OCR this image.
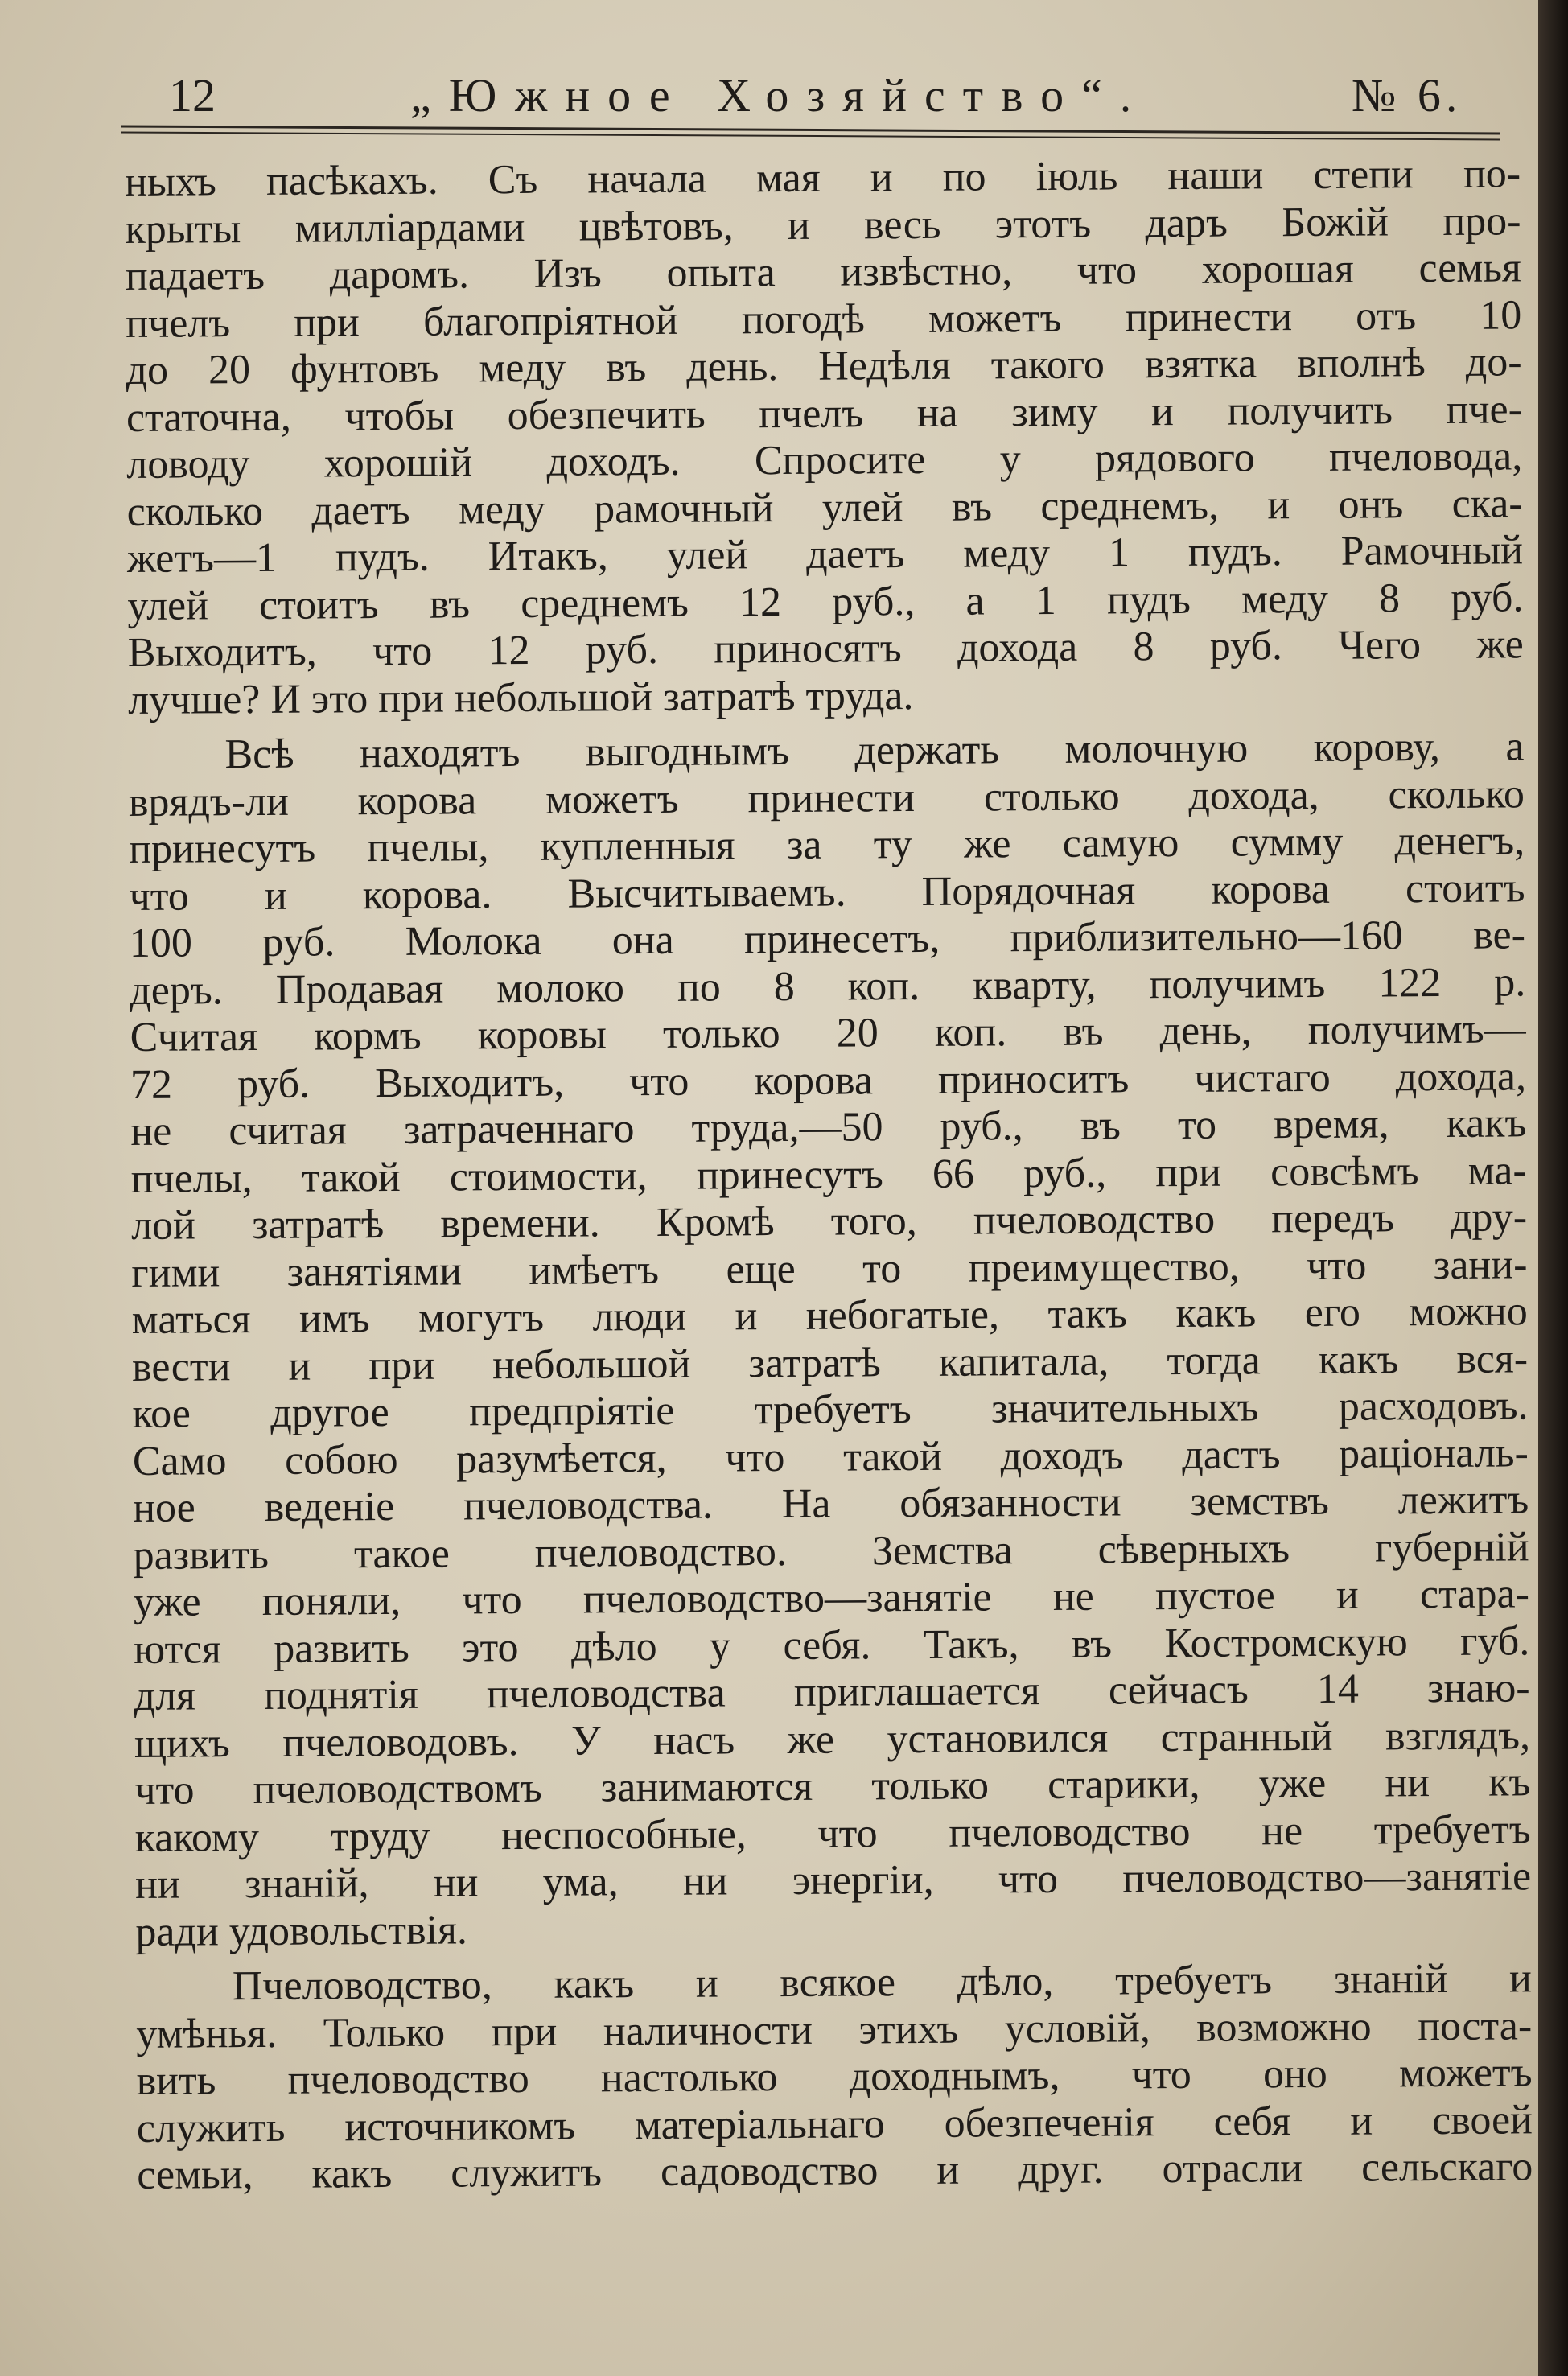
12	„Южное Хозяйство“.	№ 6.
ныхъ пасѣкахъ. Съ начала мая и по іюль наши степи по-
крыты милліардами цвѣтовъ, и весь этотъ даръ Божій про-
падаетъ даромъ. Изъ опыта извѣстно, что хорошая семья
пчелъ при благопріятной погодѣ можетъ принести отъ 10
до 20 фунтовъ меду въ день. Недѣля такого взятка вполнѣ до-
статочна, чтобы обезпечить пчелъ на зиму и получить пче-
ловоду хорошій доходъ. Спросите у рядового пчеловода,
сколько даетъ меду рамочный улей въ среднемъ, и онъ ска-
жетъ—1 пудъ. Итакъ, улей даетъ меду 1 пудъ. Рамочный
улей стоитъ въ среднемъ 12 руб., а 1 пудъ меду 8 руб.
Выходитъ, что 12 руб. приносятъ дохода 8 руб. Чего же
лучше? И это при небольшой затратѣ труда.
Всѣ находятъ выгоднымъ держать молочную корову, а
врядъ-ли корова можетъ принести столько дохода, сколько
принесутъ пчелы, купленныя за ту же самую сумму денегъ,
что и корова. Высчитываемъ. Порядочная корова стоитъ
100 руб. Молока она принесетъ, приблизительно—160 ве-
деръ. Продавая молоко по 8 коп. кварту, получимъ 122 р.
Считая кормъ коровы только 20 коп. въ день, получимъ—
72 руб. Выходитъ, что корова приноситъ чистаго дохода,
не считая затраченнаго труда,—50 руб., въ то время, какъ
пчелы, такой стоимости, принесутъ 66 руб., при совсѣмъ ма-
лой затратѣ времени. Кромѣ того, пчеловодство передъ дру-
гими занятіями имѣетъ еще то преимущество, что зани-
маться имъ могутъ люди и небогатые, такъ какъ его можно
вести и при небольшой затратѣ капитала, тогда какъ вся-
кое другое предпріятіе требуетъ значительныхъ расходовъ.
Само собою разумѣется, что такой доходъ дастъ раціональ-
ное веденіе пчеловодства. На обязанности земствъ лежитъ
развить такое пчеловодство. Земства сѣверныхъ губерній
уже поняли, что пчеловодство—занятіе не пустое и стара-
ются развить это дѣло у себя. Такъ, въ Костромскую губ.
для поднятія пчеловодства приглашается сейчасъ 14 знаю-
щихъ пчеловодовъ. У насъ же установился странный взглядъ,
что пчеловодствомъ занимаются только старики, уже ни къ
какому труду неспособные, что пчеловодство не требуетъ
ни знаній, ни ума, ни энергіи, что пчеловодство—занятіе
ради удовольствія.
Пчеловодство, какъ и всякое дѣло, требуетъ знаній и
умѣнья. Только при наличности этихъ условій, возможно поста-
вить пчеловодство настолько доходнымъ, что оно можетъ
служить источникомъ матеріальнаго обезпеченія себя и своей
семьи, какъ служитъ садоводство и друг. отрасли сельскаго
